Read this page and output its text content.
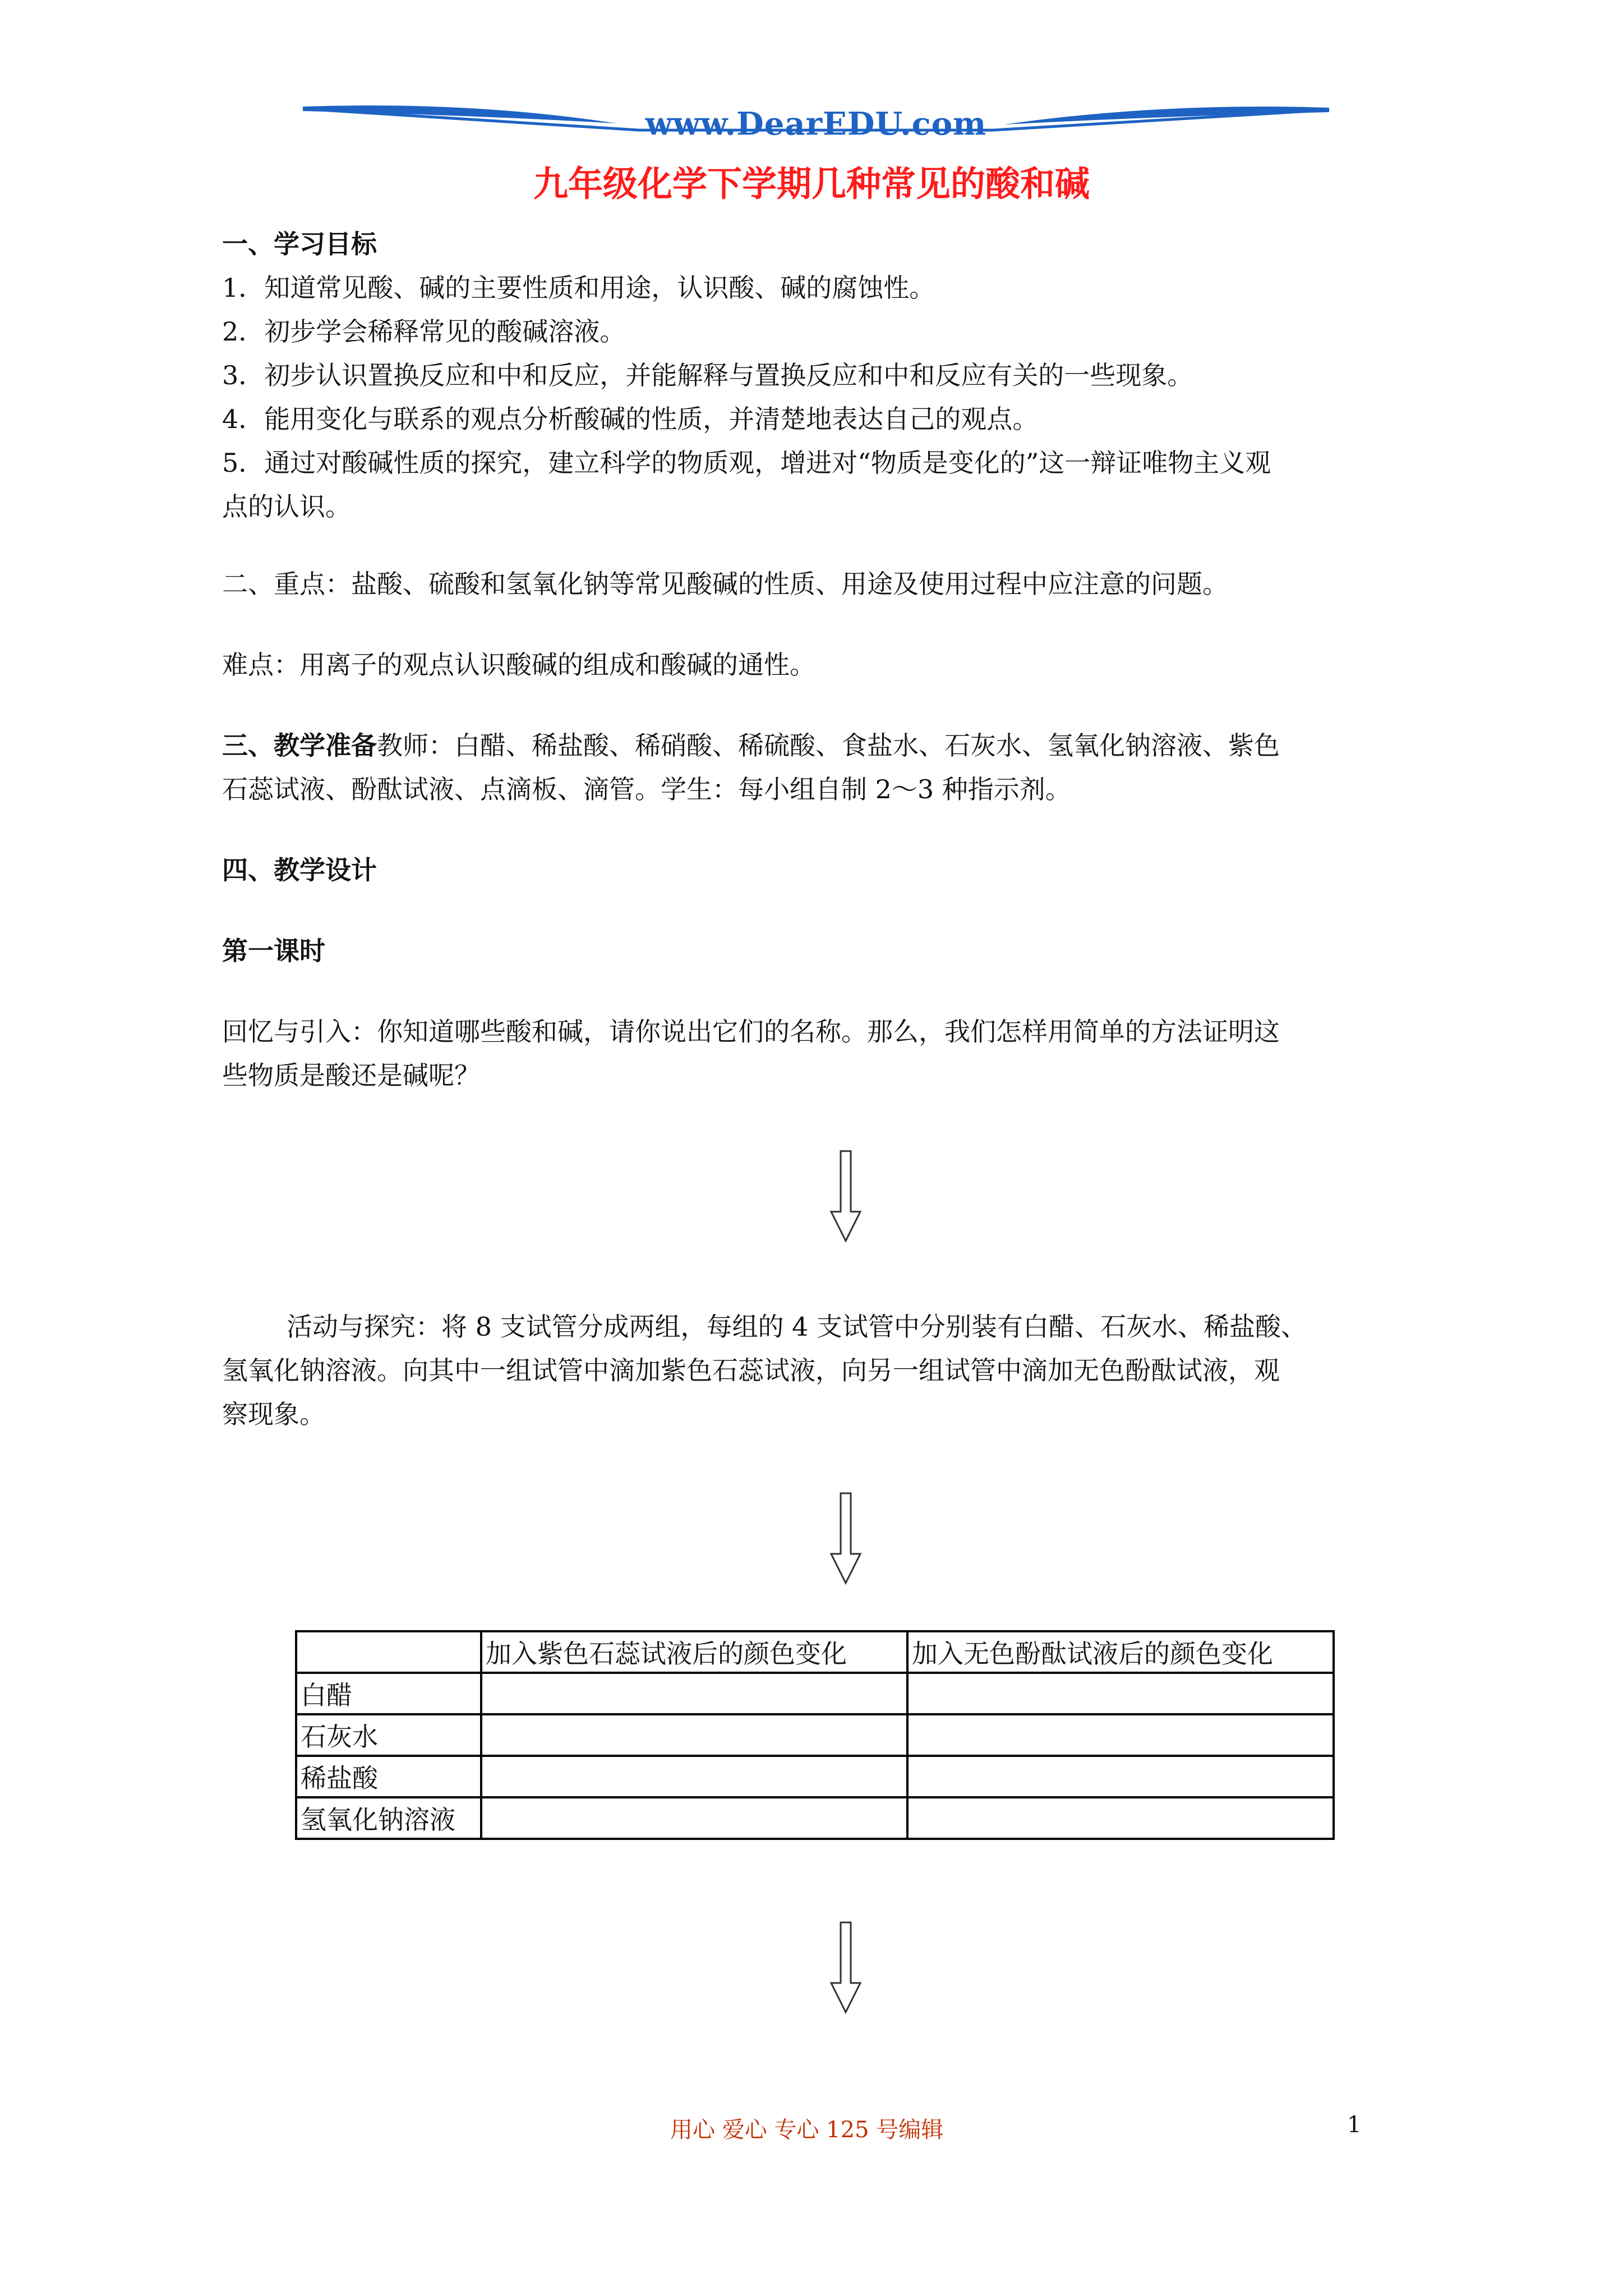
www.DearEDU.com
九年级化学下学期几种常见的酸和碱
一、学习目标
1．知道常见酸、碱的主要性质和用途，认识酸、碱的腐蚀性。
2．初步学会稀释常见的酸碱溶液。
3．初步认识置换反应和中和反应，并能解释与置换反应和中和反应有关的一些现象。
4．能用变化与联系的观点分析酸碱的性质，并清楚地表达自己的观点。
5．通过对酸碱性质的探究，建立科学的物质观，增进对“物质是变化的”这一辩证唯物主义观
点的认识。
二、重点：盐酸、硫酸和氢氧化钠等常见酸碱的性质、用途及使用过程中应注意的问题。
难点：用离子的观点认识酸碱的组成和酸碱的通性。
三、教学准备教师：白醋、稀盐酸、稀硝酸、稀硫酸、食盐水、石灰水、氢氧化钠溶液、紫色
石蕊试液、酚酞试液、点滴板、滴管。学生：每小组自制 2～3 种指示剂。
四、教学设计
第一课时
回忆与引入：你知道哪些酸和碱，请你说出它们的名称。那么，我们怎样用简单的方法证明这
些物质是酸还是碱呢？
活动与探究：将 8 支试管分成两组，每组的 4 支试管中分别装有白醋、石灰水、稀盐酸、
氢氧化钠溶液。向其中一组试管中滴加紫色石蕊试液，向另一组试管中滴加无色酚酞试液，观
察现象。
	加入紫色石蕊试液后的颜色变化	加入无色酚酞试液后的颜色变化
白醋		
石灰水		
稀盐酸		
氢氧化钠溶液		
用心 爱心 专心 125 号编辑	1
